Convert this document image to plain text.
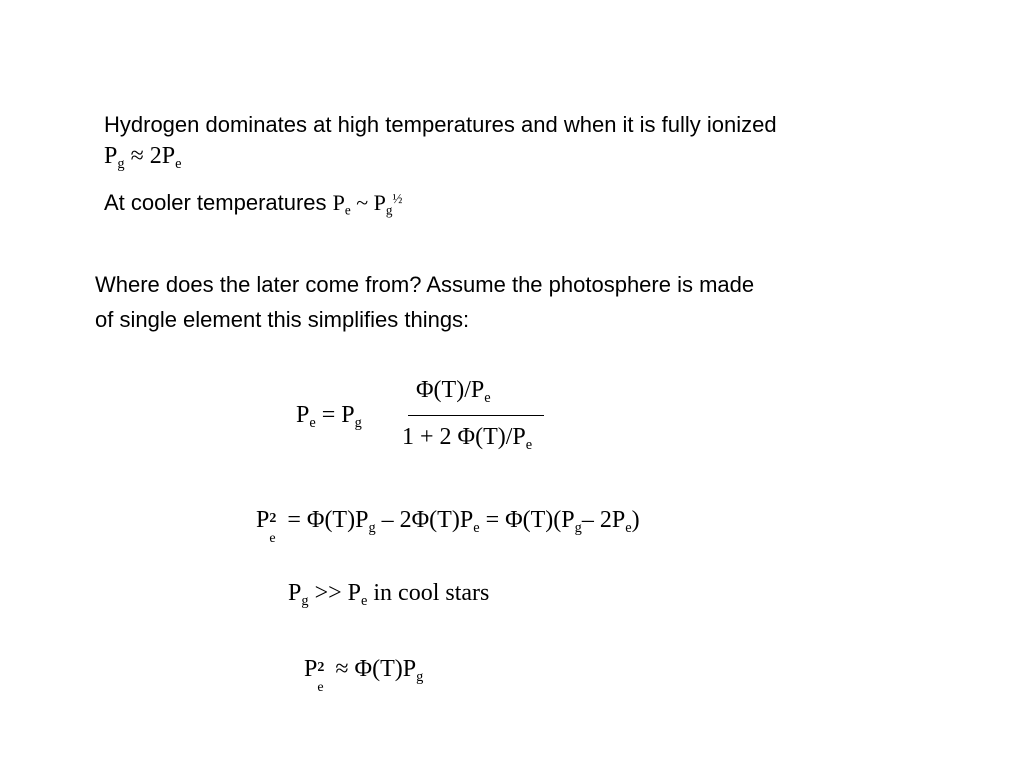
Hydrogen dominates at high temperatures and when it is fully ionized
$P_g \approx 2P_e$
At cooler temperatures $P_e$ ~ $P_g^{\frac{1}{2}}$
Where does the later come from? Assume the photosphere is made
of single element this simplifies things:
$P_e = P_g$
$\Phi(T)/P_e$
1 + 2 $\Phi(T)/P_e$
P 2
e
= $\Phi(T)P_g - 2\Phi(T)P_e = \Phi(T)(P_g-$ $2P_e$)
$P_g >> P_e$ in cool stars
P 2
e
≈ $\Phi(T)P_g$
